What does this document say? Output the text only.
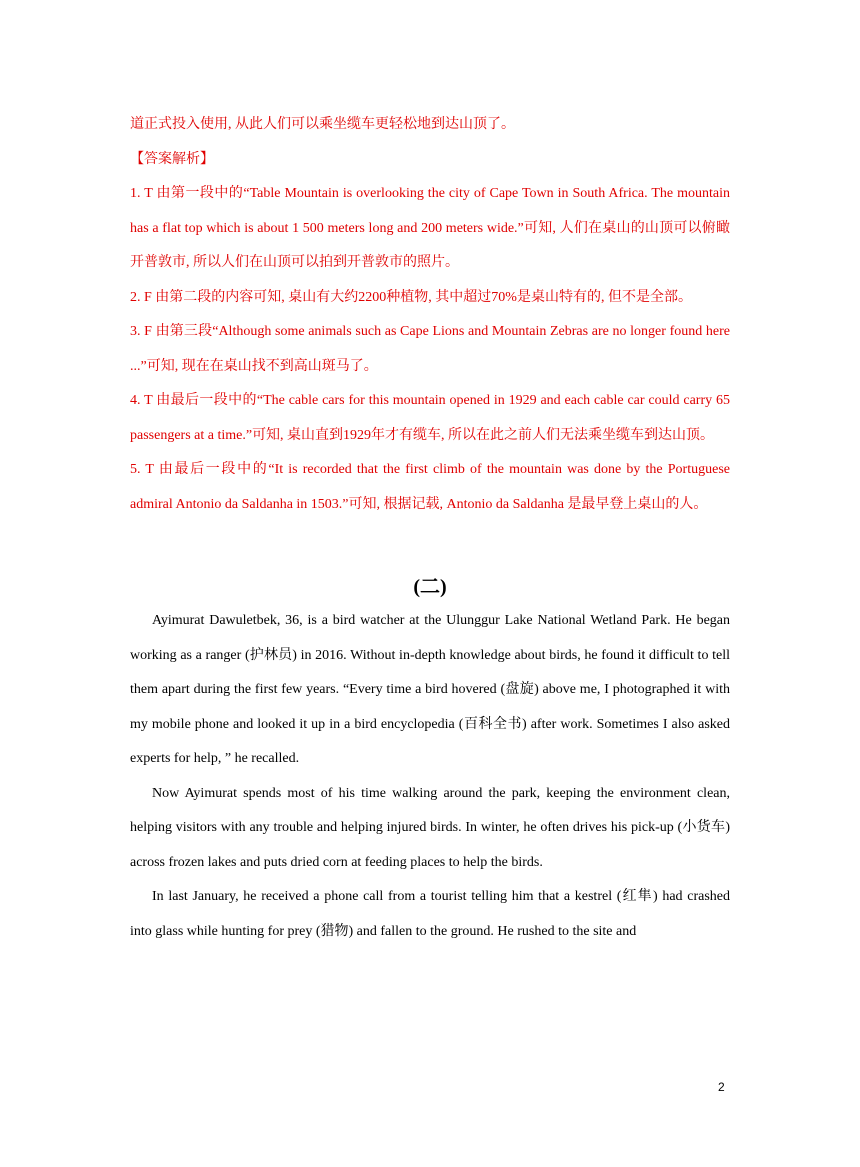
道正式投入使用, 从此人们可以乘坐缆车更轻松地到达山顶了。

【答案解析】

1. T 由第一段中的“Table Mountain is overlooking the city of Cape Town in South Africa. The mountain has a flat top which is about 1 500 meters long and 200 meters wide.”可知, 人们在桌山的山顶可以俯瞰开普敦市, 所以人们在山顶可以拍到开普敦市的照片。

2. F 由第二段的内容可知, 桌山有大约2200种植物, 其中超过70%是桌山特有的, 但不是全部。

3. F 由第三段“Although some animals such as Cape Lions and Mountain Zebras are no longer found here ...”可知, 现在在桌山找不到高山斑马了。

4. T 由最后一段中的“The cable cars for this mountain opened in 1929 and each cable car could carry 65 passengers at a time.”可知, 桌山直到1929年才有缆车, 所以在此之前人们无法乘坐缆车到达山顶。

5. T 由最后一段中的“It is recorded that the first climb of the mountain was done by the Portuguese admiral Antonio da Saldanha in 1503.”可知, 根据记载, Antonio da Saldanha 是最早登上桌山的人。

(二)

Ayimurat Dawuletbek, 36, is a bird watcher at the Ulunggur Lake National Wetland Park. He began working as a ranger (护林员) in 2016. Without in-depth knowledge about birds, he found it difficult to tell them apart during the first few years. “Every time a bird hovered (盘旋) above me, I photographed it with my mobile phone and looked it up in a bird encyclopedia (百科全书) after work. Sometimes I also asked experts for help, ” he recalled.

Now Ayimurat spends most of his time walking around the park, keeping the environment clean, helping visitors with any trouble and helping injured birds. In winter, he often drives his pick-up (小货车) across frozen lakes and puts dried corn at feeding places to help the birds.

In last January, he received a phone call from a tourist telling him that a kestrel (红隼) had crashed into glass while hunting for prey (猎物) and fallen to the ground. He rushed to the site and

2
